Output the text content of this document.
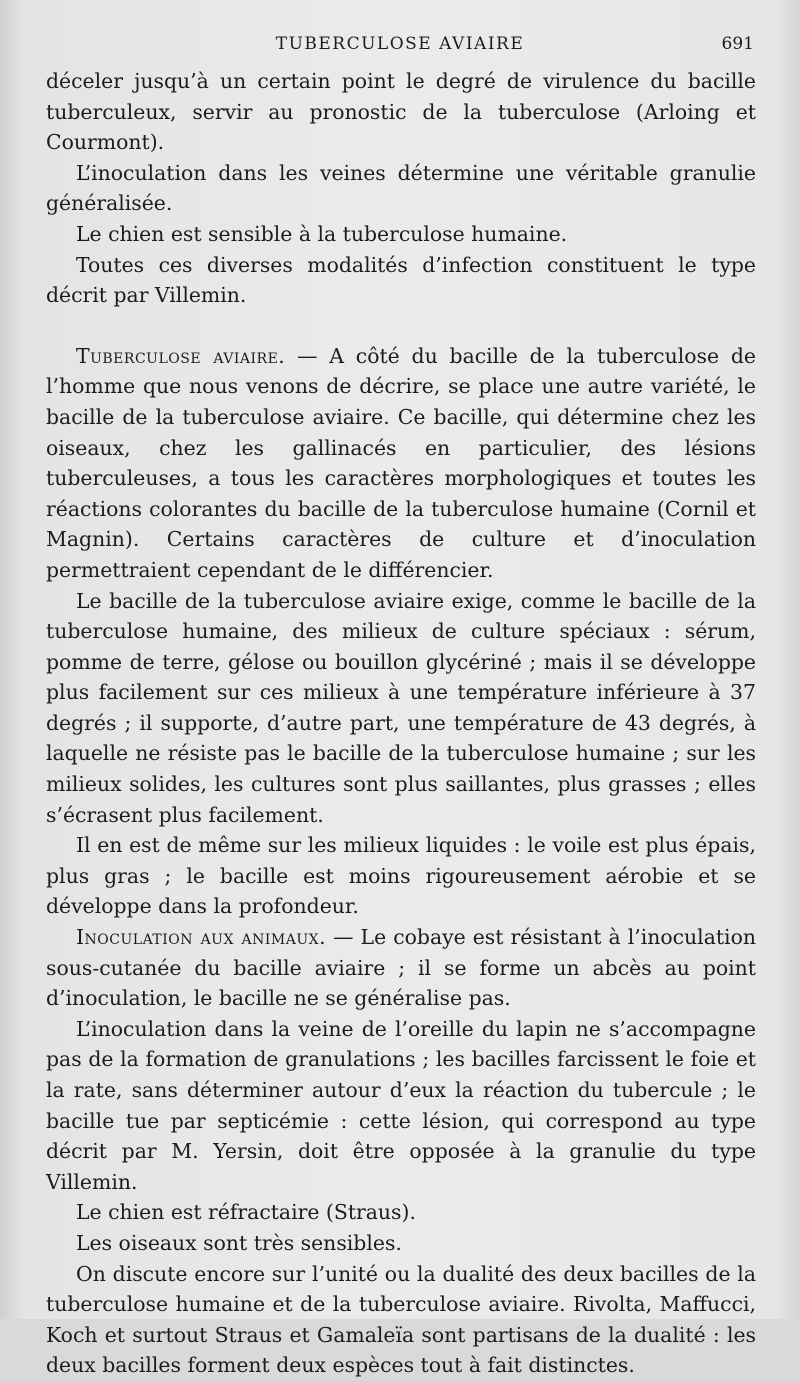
TUBERCULOSE AVIAIRE	691

déceler jusqu’à un certain point le degré de virulence du bacille tuberculeux, servir au pronostic de la tuberculose (Arloing et Courmont).

L’inoculation dans les veines détermine une véritable granulie généralisée.

Le chien est sensible à la tuberculose humaine.

Toutes ces diverses modalités d’infection constituent le type décrit par Villemin.

Tuberculose aviaire. — A côté du bacille de la tuberculose de l’homme que nous venons de décrire, se place une autre variété, le bacille de la tuberculose aviaire. Ce bacille, qui détermine chez les oiseaux, chez les gallinacés en particulier, des lésions tuberculeuses, a tous les caractères morphologiques et toutes les réactions colorantes du bacille de la tuberculose humaine (Cornil et Magnin). Certains caractères de culture et d’inoculation permettraient cependant de le différencier.

Le bacille de la tuberculose aviaire exige, comme le bacille de la tuberculose humaine, des milieux de culture spéciaux : sérum, pomme de terre, gélose ou bouillon glycériné ; mais il se développe plus facilement sur ces milieux à une température inférieure à 37 degrés ; il supporte, d’autre part, une température de 43 degrés, à laquelle ne résiste pas le bacille de la tuberculose humaine ; sur les milieux solides, les cultures sont plus saillantes, plus grasses ; elles s’écrasent plus facilement.

Il en est de même sur les milieux liquides : le voile est plus épais, plus gras ; le bacille est moins rigoureusement aérobie et se développe dans la profondeur.

Inoculation aux animaux. — Le cobaye est résistant à l’inoculation sous-cutanée du bacille aviaire ; il se forme un abcès au point d’inoculation, le bacille ne se généralise pas.

L’inoculation dans la veine de l’oreille du lapin ne s’accompagne pas de la formation de granulations ; les bacilles farcissent le foie et la rate, sans déterminer autour d’eux la réaction du tubercule ; le bacille tue par septicémie : cette lésion, qui correspond au type décrit par M. Yersin, doit être opposée à la granulie du type Villemin.

Le chien est réfractaire (Straus).

Les oiseaux sont très sensibles.

On discute encore sur l’unité ou la dualité des deux bacilles de la tuberculose humaine et de la tuberculose aviaire. Rivolta, Maffucci, Koch et surtout Straus et Gamaleïa sont partisans de la dualité : les deux bacilles forment deux espèces tout à fait distinctes.
